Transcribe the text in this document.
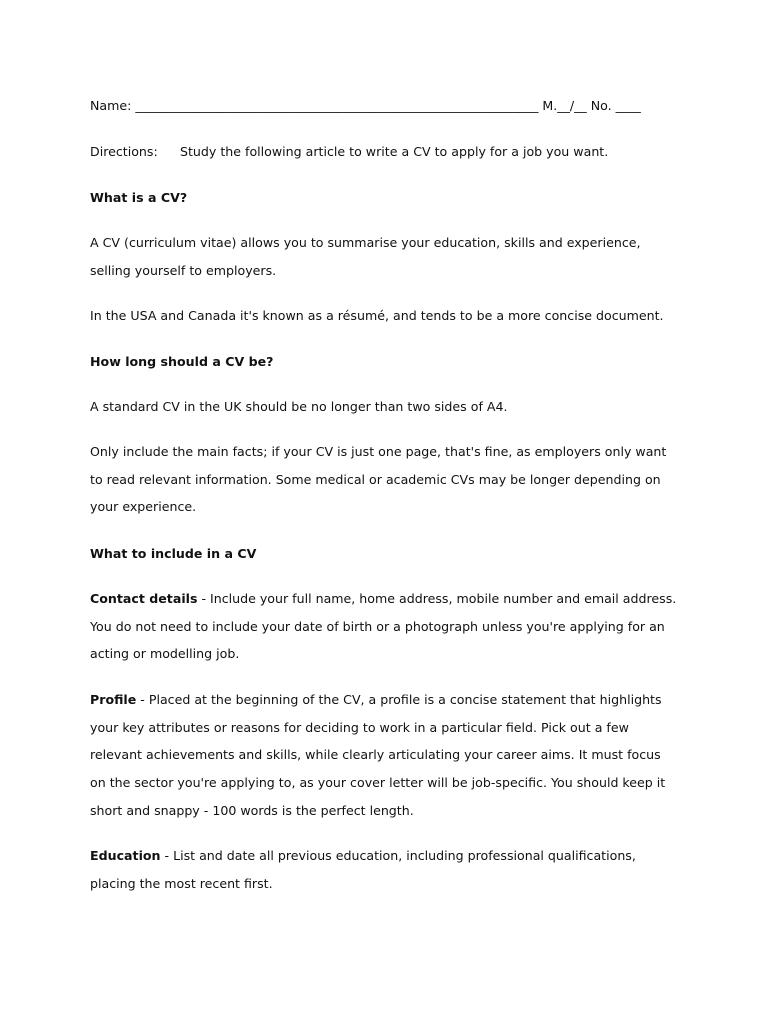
Name: ________________________________________________________________ M.__/__ No. ____
Directions: Study the following article to write a CV to apply for a job you want.
What is a CV?
A CV (curriculum vitae) allows you to summarise your education, skills and experience, selling yourself to employers.
In the USA and Canada it's known as a résumé, and tends to be a more concise document.
How long should a CV be?
A standard CV in the UK should be no longer than two sides of A4.
Only include the main facts; if your CV is just one page, that's fine, as employers only want to read relevant information. Some medical or academic CVs may be longer depending on your experience.
What to include in a CV
Contact details - Include your full name, home address, mobile number and email address. You do not need to include your date of birth or a photograph unless you're applying for an acting or modelling job.
Profile - Placed at the beginning of the CV, a profile is a concise statement that highlights your key attributes or reasons for deciding to work in a particular field. Pick out a few relevant achievements and skills, while clearly articulating your career aims. It must focus on the sector you're applying to, as your cover letter will be job-specific. You should keep it short and snappy - 100 words is the perfect length.
Education - List and date all previous education, including professional qualifications, placing the most recent first.
